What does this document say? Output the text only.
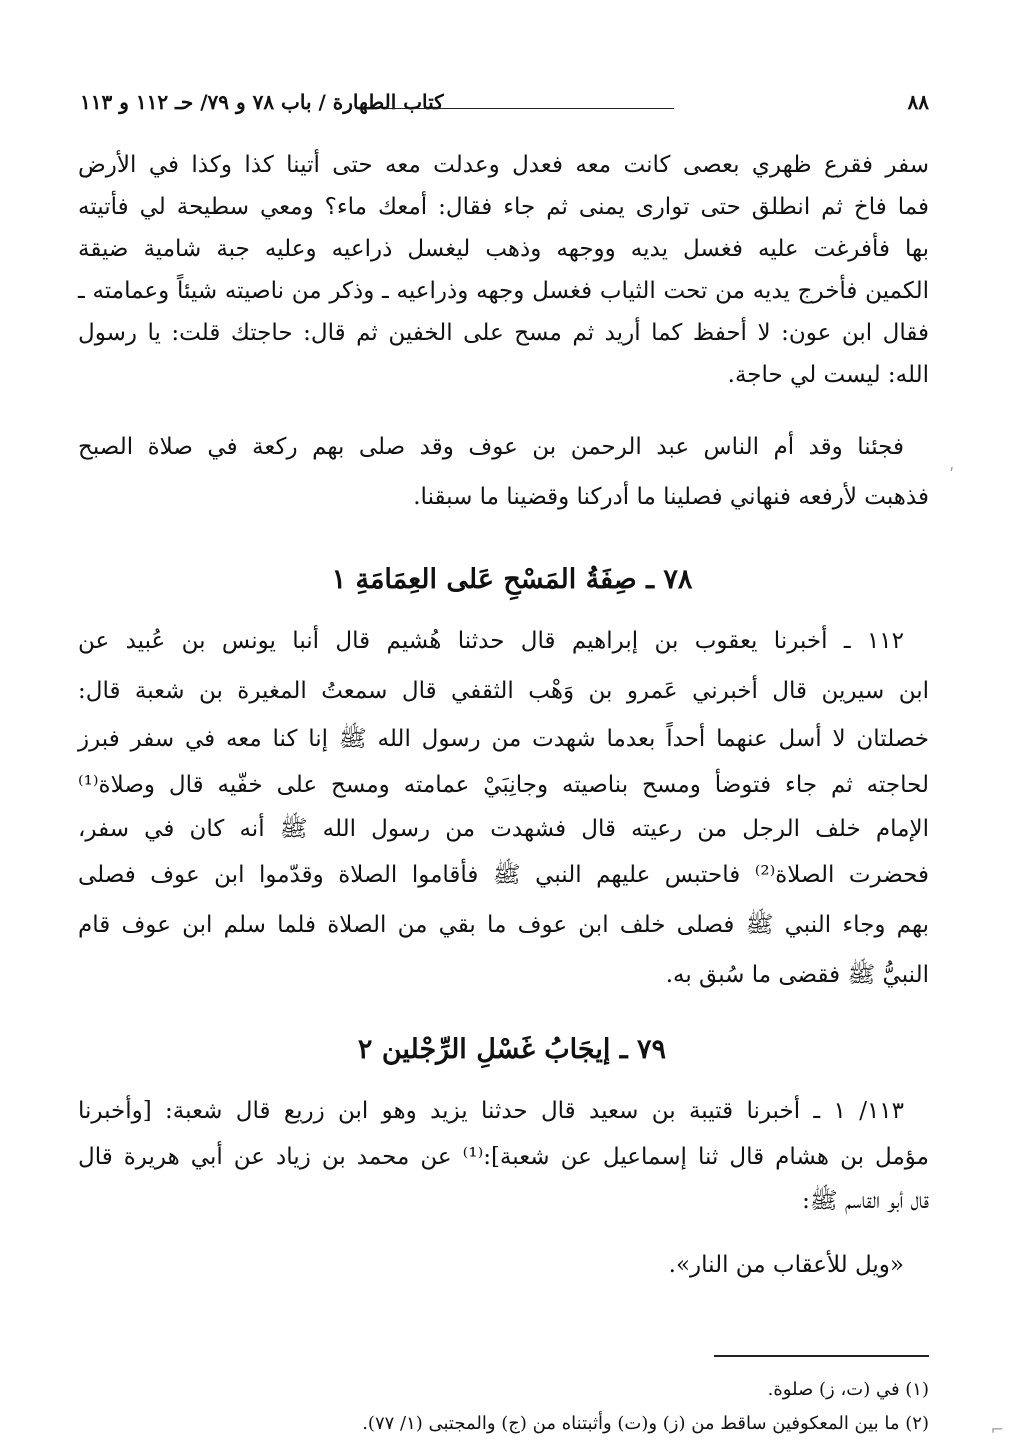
٨٨
كتاب الطهارة / باب ٧٨ و ٧٩/ حـ ١١٢ و ١١٣
سفر فقرع ظهري بعصى كانت معه فعدل وعدلت معه حتى أتينا كذا وكذا في الأرض
فما فاخ ثم انطلق حتى توارى يمنى ثم جاء فقال: أمعك ماء؟ ومعي سطيحة لي فأتيته
بها فأفرغت عليه فغسل يديه ووجهه وذهب ليغسل ذراعيه وعليه جبة شامية ضيقة
الكمين فأخرج يديه من تحت الثياب فغسل وجهه وذراعيه ـ وذكر من ناصيته شيئاً وعمامته ـ
فقال ابن عون: لا أحفظ كما أريد ثم مسح على الخفين ثم قال: حاجتك قلت: يا رسول
الله: ليست لي حاجة.
فجئنا وقد أم الناس عبد الرحمن بن عوف وقد صلى بهم ركعة في صلاة الصبح
فذهبت لأرفعه فنهاني فصلينا ما أدركنا وقضينا ما سبقنا.
٧٨ ـ صِفَةُ المَسْحِ عَلى العِمَامَةِ ١
١١٢ ـ أخبرنا يعقوب بن إبراهيم قال حدثنا هُشيم قال أنبا يونس بن عُبيد عن
ابن سيرين قال أخبرني عَمرو بن وَهْب الثقفي قال سمعتُ المغيرة بن شعبة قال:
خصلتان لا أسل عنهما أحداً بعدما شهدت من رسول الله ﷺ إنا كنا معه في سفر فبرز
لحاجته ثم جاء فتوضأ ومسح بناصيته وجانِبَيْ عمامته ومسح على خفّيه قال وصلاة⁽¹⁾
الإمام خلف الرجل من رعيته قال فشهدت من رسول الله ﷺ أنه كان في سفر،
فحضرت الصلاة⁽²⁾ فاحتبس عليهم النبي ﷺ فأقاموا الصلاة وقدّموا ابن عوف فصلى
بهم وجاء النبي ﷺ فصلى خلف ابن عوف ما بقي من الصلاة فلما سلم ابن عوف قام
النبيُّ ﷺ فقضى ما سُبق به.
٧٩ ـ إيجَابُ غَسْلِ الرِّجْلين ٢
١١٣/ ١ ـ أخبرنا قتيبة بن سعيد قال حدثنا يزيد وهو ابن زريع قال شعبة: [وأخبرنا
مؤمل بن هشام قال ثنا إسماعيل عن شعبة]:⁽¹⁾ عن محمد بن زياد عن أبي هريرة قال
قال أبو القاسم ﷺ:
«ويل للأعقاب من النار».
(١) في (ت، ز) صلوة.
(٢) ما بين المعكوفين ساقط من (ز) و(ت) وأثبتناه من (ج) والمجتبى (١/ ٧٧).
ʹ
⌐
